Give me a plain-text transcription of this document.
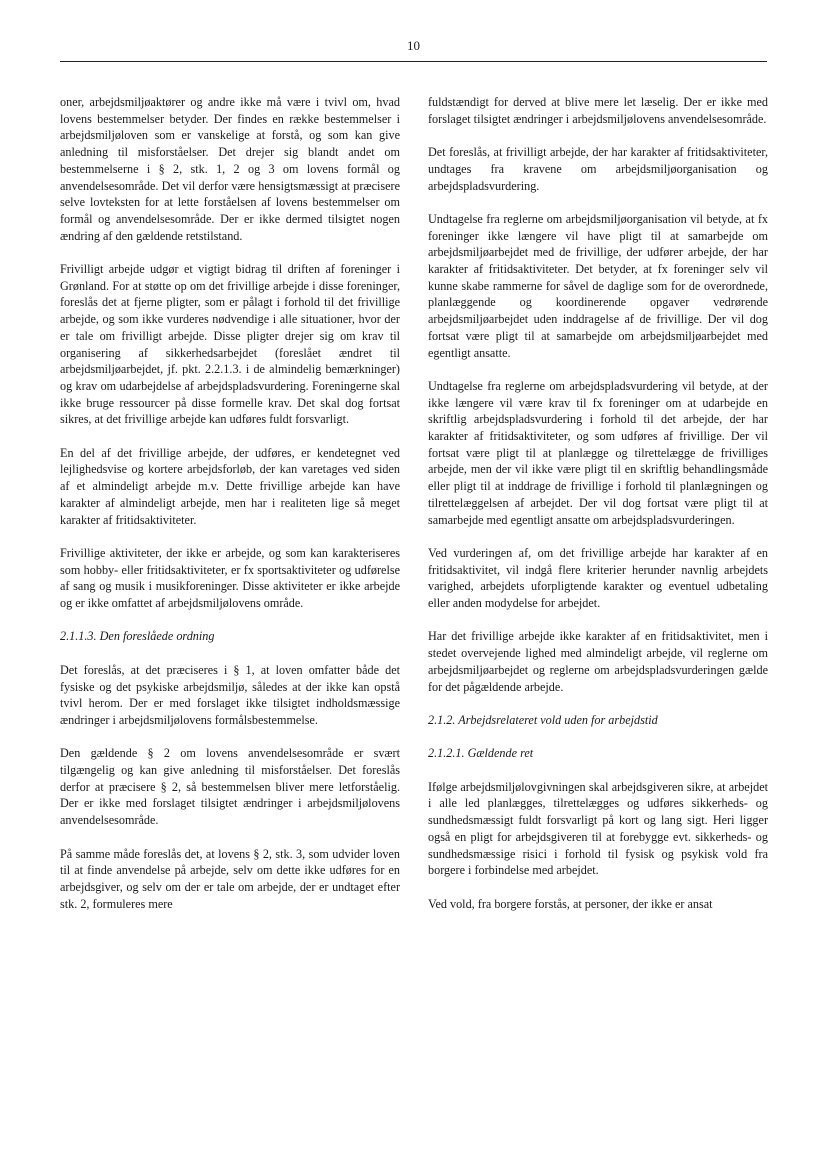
10

oner, arbejdsmiljøaktører og andre ikke må være i tvivl om, hvad lovens bestemmelser betyder. Der findes en række bestemmelser i arbejdsmiljøloven som er vanskelige at forstå, og som kan give anledning til misforståelser. Det drejer sig blandt andet om bestemmelserne i § 2, stk. 1, 2 og 3 om lovens formål og anvendelsesområde. Det vil derfor være hensigtsmæssigt at præcisere selve lovteksten for at lette forståelsen af lovens bestemmelser om formål og anvendelsesområde. Der er ikke dermed tilsigtet nogen ændring af den gældende retstilstand.

Frivilligt arbejde udgør et vigtigt bidrag til driften af foreninger i Grønland. For at støtte op om det frivillige arbejde i disse foreninger, foreslås det at fjerne pligter, som er pålagt i forhold til det frivillige arbejde, og som ikke vurderes nødvendige i alle situationer, hvor der er tale om frivilligt arbejde. Disse pligter drejer sig om krav til organisering af sikkerhedsarbejdet (foreslået ændret til arbejdsmiljøarbejdet, jf. pkt. 2.2.1.3. i de almindelig bemærkninger) og krav om udarbejdelse af arbejdspladsvurdering. Foreningerne skal ikke bruge ressourcer på disse formelle krav. Det skal dog fortsat sikres, at det frivillige arbejde kan udføres fuldt forsvarligt.

En del af det frivillige arbejde, der udføres, er kendetegnet ved lejlighedsvise og kortere arbejdsforløb, der kan varetages ved siden af et almindeligt arbejde m.v. Dette frivillige arbejde kan have karakter af almindeligt arbejde, men har i realiteten lige så meget karakter af fritidsaktiviteter.

Frivillige aktiviteter, der ikke er arbejde, og som kan karakteriseres som hobby- eller fritidsaktiviteter, er fx sportsaktiviteter og udførelse af sang og musik i musikforeninger. Disse aktiviteter er ikke arbejde og er ikke omfattet af arbejdsmiljølovens område.

2.1.1.3. Den foreslåede ordning

Det foreslås, at det præciseres i § 1, at loven omfatter både det fysiske og det psykiske arbejdsmiljø, således at der ikke kan opstå tvivl herom. Der er med forslaget ikke tilsigtet indholdsmæssige ændringer i arbejdsmiljølovens formålsbestemmelse.

Den gældende § 2 om lovens anvendelsesområde er svært tilgængelig og kan give anledning til misforståelser. Det foreslås derfor at præcisere § 2, så bestemmelsen bliver mere letforståelig. Der er ikke med forslaget tilsigtet ændringer i arbejdsmiljølovens anvendelsesområde.

På samme måde foreslås det, at lovens § 2, stk. 3, som udvider loven til at finde anvendelse på arbejde, selv om dette ikke udføres for en arbejdsgiver, og selv om der er tale om arbejde, der er undtaget efter stk. 2, formuleres mere

fuldstændigt for derved at blive mere let læselig. Der er ikke med forslaget tilsigtet ændringer i arbejdsmiljølovens anvendelsesområde.

Det foreslås, at frivilligt arbejde, der har karakter af fritidsaktiviteter, undtages fra kravene om arbejdsmiljøorganisation og arbejdspladsvurdering.

Undtagelse fra reglerne om arbejdsmiljøorganisation vil betyde, at fx foreninger ikke længere vil have pligt til at samarbejde om arbejdsmiljøarbejdet med de frivillige, der udfører arbejde, der har karakter af fritidsaktiviteter. Det betyder, at fx foreninger selv vil kunne skabe rammerne for såvel de daglige som for de overordnede, planlæggende og koordinerende opgaver vedrørende arbejdsmiljøarbejdet uden inddragelse af de frivillige. Der vil dog fortsat være pligt til at samarbejde om arbejdsmiljøarbejdet med egentligt ansatte.

Undtagelse fra reglerne om arbejdspladsvurdering vil betyde, at der ikke længere vil være krav til fx foreninger om at udarbejde en skriftlig arbejdspladsvurdering i forhold til det arbejde, der har karakter af fritidsaktiviteter, og som udføres af frivillige. Der vil fortsat være pligt til at planlægge og tilrettelægge de frivilliges arbejde, men der vil ikke være pligt til en skriftlig behandlingsmåde eller pligt til at inddrage de frivillige i forhold til planlægningen og tilrettelæggelsen af arbejdet. Der vil dog fortsat være pligt til at samarbejde med egentligt ansatte om arbejdspladsvurderingen.

Ved vurderingen af, om det frivillige arbejde har karakter af en fritidsaktivitet, vil indgå flere kriterier herunder navnlig arbejdets varighed, arbejdets uforpligtende karakter og eventuel udbetaling eller anden modydelse for arbejdet.

Har det frivillige arbejde ikke karakter af en fritidsaktivitet, men i stedet overvejende lighed med almindeligt arbejde, vil reglerne om arbejdsmiljøarbejdet og reglerne om arbejdspladsvurderingen gælde for det pågældende arbejde.

2.1.2. Arbejdsrelateret vold uden for arbejdstid
2.1.2.1. Gældende ret

Ifølge arbejdsmiljølovgivningen skal arbejdsgiveren sikre, at arbejdet i alle led planlægges, tilrettelægges og udføres sikkerheds- og sundhedsmæssigt fuldt forsvarligt på kort og lang sigt. Heri ligger også en pligt for arbejdsgiveren til at forebygge evt. sikkerheds- og sundhedsmæssige risici i forhold til fysisk og psykisk vold fra borgere i forbindelse med arbejdet.

Ved vold, fra borgere forstås, at personer, der ikke er ansat
